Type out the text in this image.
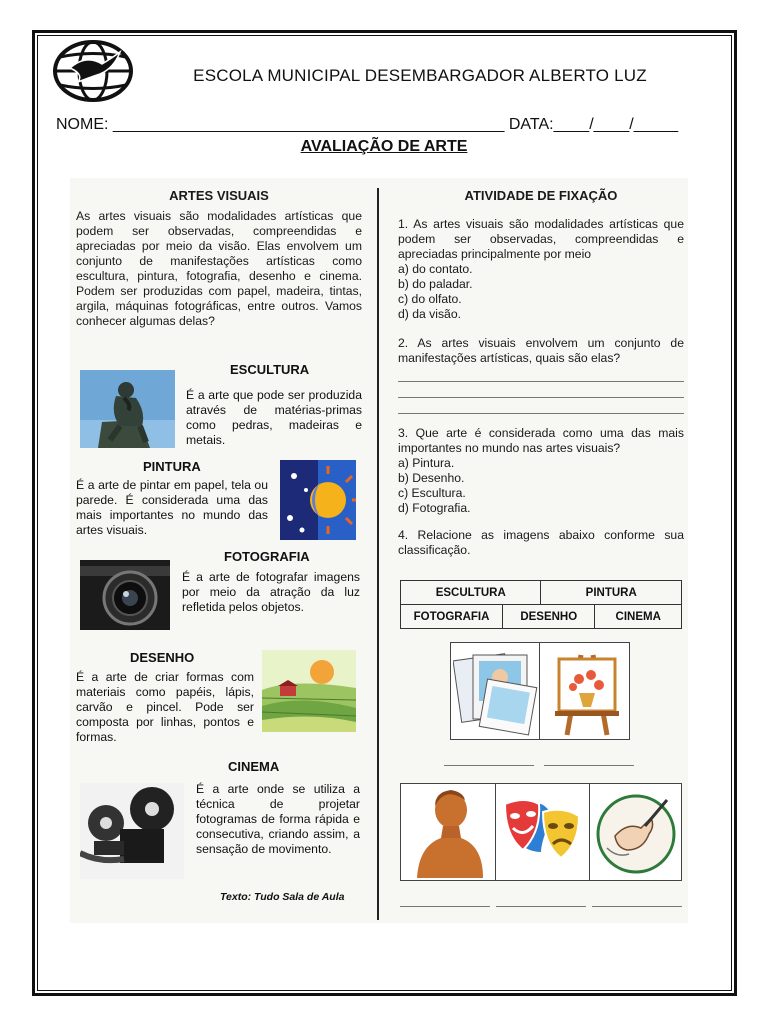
ESCOLA MUNICIPAL DESEMBARGADOR ALBERTO LUZ
NOME: ____________________________________________ DATA:____/____/_____
AVALIAÇÃO DE ARTE
ARTES VISUAIS
As artes visuais são modalidades artísticas que podem ser observadas, compreendidas e apreciadas por meio da visão. Elas envolvem um conjunto de manifestações artísticas como escultura, pintura, fotografia, desenho e cinema. Podem ser produzidas com papel, madeira, tintas, argila, máquinas fotográficas, entre outros. Vamos conhecer algumas delas?
ESCULTURA
É a arte que pode ser produzida através de matérias-primas como pedras, madeiras e metais.
PINTURA
É a arte de pintar em papel, tela ou parede. É considerada uma das mais importantes no mundo das artes visuais.
FOTOGRAFIA
É a arte de fotografar imagens por meio da atração da luz refletida pelos objetos.
DESENHO
É a arte de criar formas com materiais como papéis, lápis, carvão e pincel. Pode ser composta por linhas, pontos e formas.
CINEMA
É a arte onde se utiliza a técnica de projetar fotogramas de forma rápida e consecutiva, criando assim, a sensação de movimento.
Texto: Tudo Sala de Aula
ATIVIDADE DE FIXAÇÃO
1. As artes visuais são modalidades artísticas que podem ser observadas, compreendidas e apreciadas principalmente por meio
a) do contato.
b) do paladar.
c) do olfato.
d) da visão.
2. As artes visuais envolvem um conjunto de manifestações artísticas, quais são elas?
3. Que arte é considerada como uma das mais importantes no mundo nas artes visuais?
a) Pintura.
b) Desenho.
c) Escultura.
d) Fotografia.
4. Relacione as imagens abaixo conforme sua classificação.
ESCULTURA		PINTURA	
FOTOGRAFIA	DESENHO		CINEMA
